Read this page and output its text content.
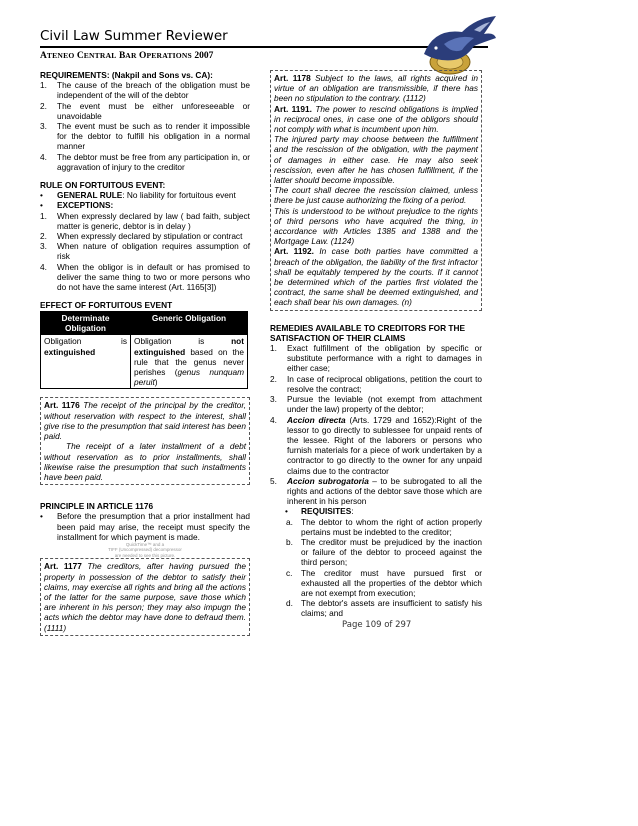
Civil Law Summer Reviewer
ATENEO CENTRAL BAR OPERATIONS 2007
REQUIREMENTS: (Nakpil and Sons vs. CA):
1. The cause of the breach of the obligation must be independent of the will of the debtor
2. The event must be either unforeseeable or unavoidable
3. The event must be such as to render it impossible for the debtor to fulfill his obligation in a normal manner
4. The debtor must be free from any participation in, or aggravation of injury to the creditor
RULE ON FORTUITOUS EVENT:
• GENERAL RULE: No liability for fortuitous event
• EXCEPTIONS:
1. When expressly declared by law ( bad faith, subject matter is generic, debtor is in delay )
2. When expressly declared by stipulation or contract
3. When nature of obligation requires assumption of risk
4. When the obligor is in default or has promised to deliver the same thing to two or more persons who do not have the same interest (Art. 1165[3])
EFFECT OF FORTUITOUS EVENT
Determinate Obligation	Generic Obligation
Obligation is extinguished	Obligation is not extinguished based on the rule that the genus never perishes (genus nunquam peruit)
Art. 1176 The receipt of the principal by the creditor, without reservation with respect to the interest, shall give rise to the presumption that said interest has been paid.
The receipt of a later installment of a debt without reservation as to prior installments, shall likewise raise the presumption that such installments have been paid.
PRINCIPLE IN ARTICLE 1176
• Before the presumption that a prior installment had been paid may arise, the receipt must specify the installment for which payment is made.
QuickTime™ and a
TIFF (Uncompressed) decompressor
are needed to see this picture.
Art. 1177 The creditors, after having pursued the property in possession of the debtor to satisfy their claims, may exercise all rights and bring all the actions of the latter for the same purpose, save those which are inherent in his person; they may also impugn the acts which the debtor may have done to defraud them. (1111)
Art. 1178 Subject to the laws, all rights acquired in virtue of an obligation are transmissible, if there has been no stipulation to the contrary. (1112)
Art. 1191. The power to rescind obligations is implied in reciprocal ones, in case one of the obligors should not comply with what is incumbent upon him.
The injured party may choose between the fulfillment and the rescission of the obligation, with the payment of damages in either case. He may also seek rescission, even after he has chosen fulfillment, if the latter should become impossible.
The court shall decree the rescission claimed, unless there be just cause authorizing the fixing of a period.
This is understood to be without prejudice to the rights of third persons who have acquired the thing, in accordance with Articles 1385 and 1388 and the Mortgage Law. (1124)
Art. 1192. In case both parties have committed a breach of the obligation, the liability of the first infractor shall be equitably tempered by the courts. If it cannot be determined which of the parties first violated the contract, the same shall be deemed extinguished, and each shall bear his own damages. (n)
REMEDIES AVAILABLE TO CREDITORS FOR THE SATISFACTION OF THEIR CLAIMS
1. Exact fulfillment of the obligation by specific or substitute performance with a right to damages in either case;
2. In case of reciprocal obligations, petition the court to resolve the contract;
3. Pursue the leviable (not exempt from attachment under the law) property of the debtor;
4. Accion directa (Arts. 1729 and 1652):Right of the lessor to go directly to sublessee for unpaid rents of the lessee. Right of the laborers or persons who furnish materials for a piece of work undertaken by a contractor to go directly to the owner for any unpaid claims due to the contractor
5. Accion subrogatoria – to be subrogated to all the rights and actions of the debtor save those which are inherent in his person
• REQUISITES:
a. The debtor to whom the right of action properly pertains must be indebted to the creditor;
b. The creditor must be prejudiced by the inaction or failure of the debtor to proceed against the third person;
c. The creditor must have pursued first or exhausted all the properties of the debtor which are not exempt from execution;
d. The debtor's assets are insufficient to satisfy his claims; and
Page 109 of 297
